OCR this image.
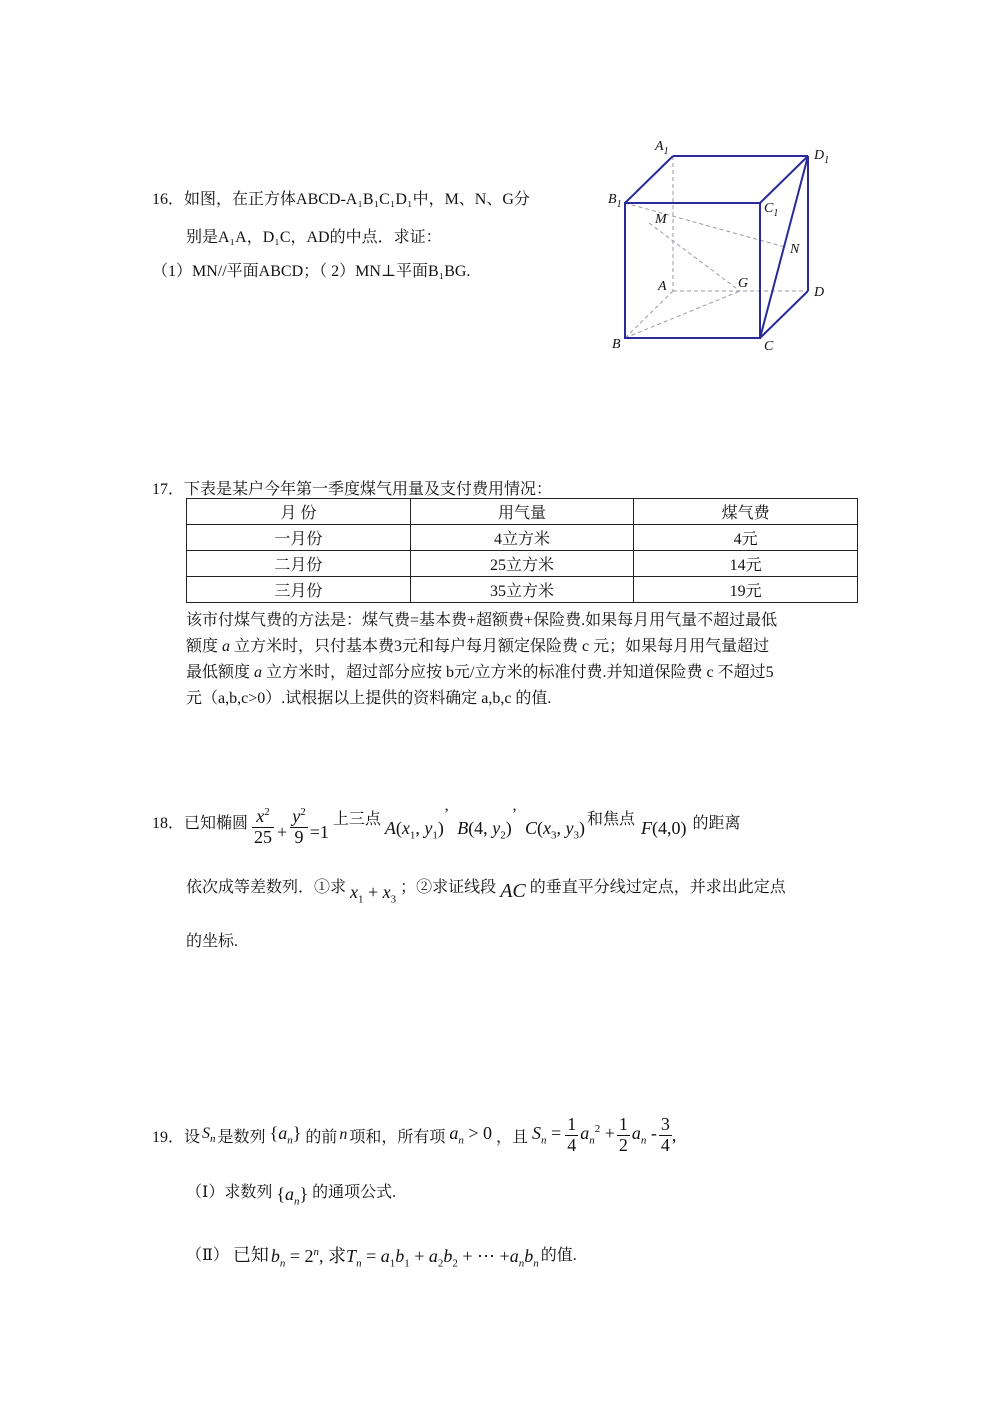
16．如图，在正方体ABCD-A₁B₁C₁D₁中，M、N、G分
别是A₁A，D₁C，AD的中点．求证：
（1）MN//平面ABCD；（ 2）MN⊥平面B₁BG.
$A_1$	$D_1$
$B_1$	$C_1$
M
N
A	G
D
B	C
17．下表是某户今年第一季度煤气用量及支付费用情况：
月 份	用气量	煤气费
一月份	4立方米	4元
二月份	25立方米	14元
三月份	35立方米	19元
该市付煤气费的方法是：煤气费=基本费+超额费+保险费.如果每月用气量不超过最低
额度 a 立方米时，只付基本费3元和每户每月额定保险费 c 元；如果每月用气量超过
最低额度 a 立方米时，超过部分应按 b元/立方米的标准付费.并知道保险费 c 不超过5
元（a,b,c>0）.试根据以上提供的资料确定 a,b,c 的值.
18． 已知椭圆 $\frac{x^2}{25} + \frac{y^2}{9} =1$
上三点 $A(x_1$, $y_1$)
’
B(4, $y_2$)
’
$C(x_3$, $y_3$) 和焦点 F(4,0) 的距离
依次成等差数列．①求 $x_1 + x_3$
；②求证线段 AC 的垂直平分线过定点，并求出此定点
的坐标.
19． 设 $S_n$ 是数列 $\{a_n\}$ 的前 n 项和，所有项 $a_n > 0$ ，且 $S_n = \frac{1}{4} a_n^2 + \frac{1}{2} a_n - \frac{3}{4}$ ,
（Ⅰ） 求数列 $\{a_n\}$ 的通项公式.
（Ⅱ） 已知 $b_n = 2^n$, 求$T_n = a_1b_1 + a_2b_2$ + ⋯ $+a_nb_n$ 的值.
